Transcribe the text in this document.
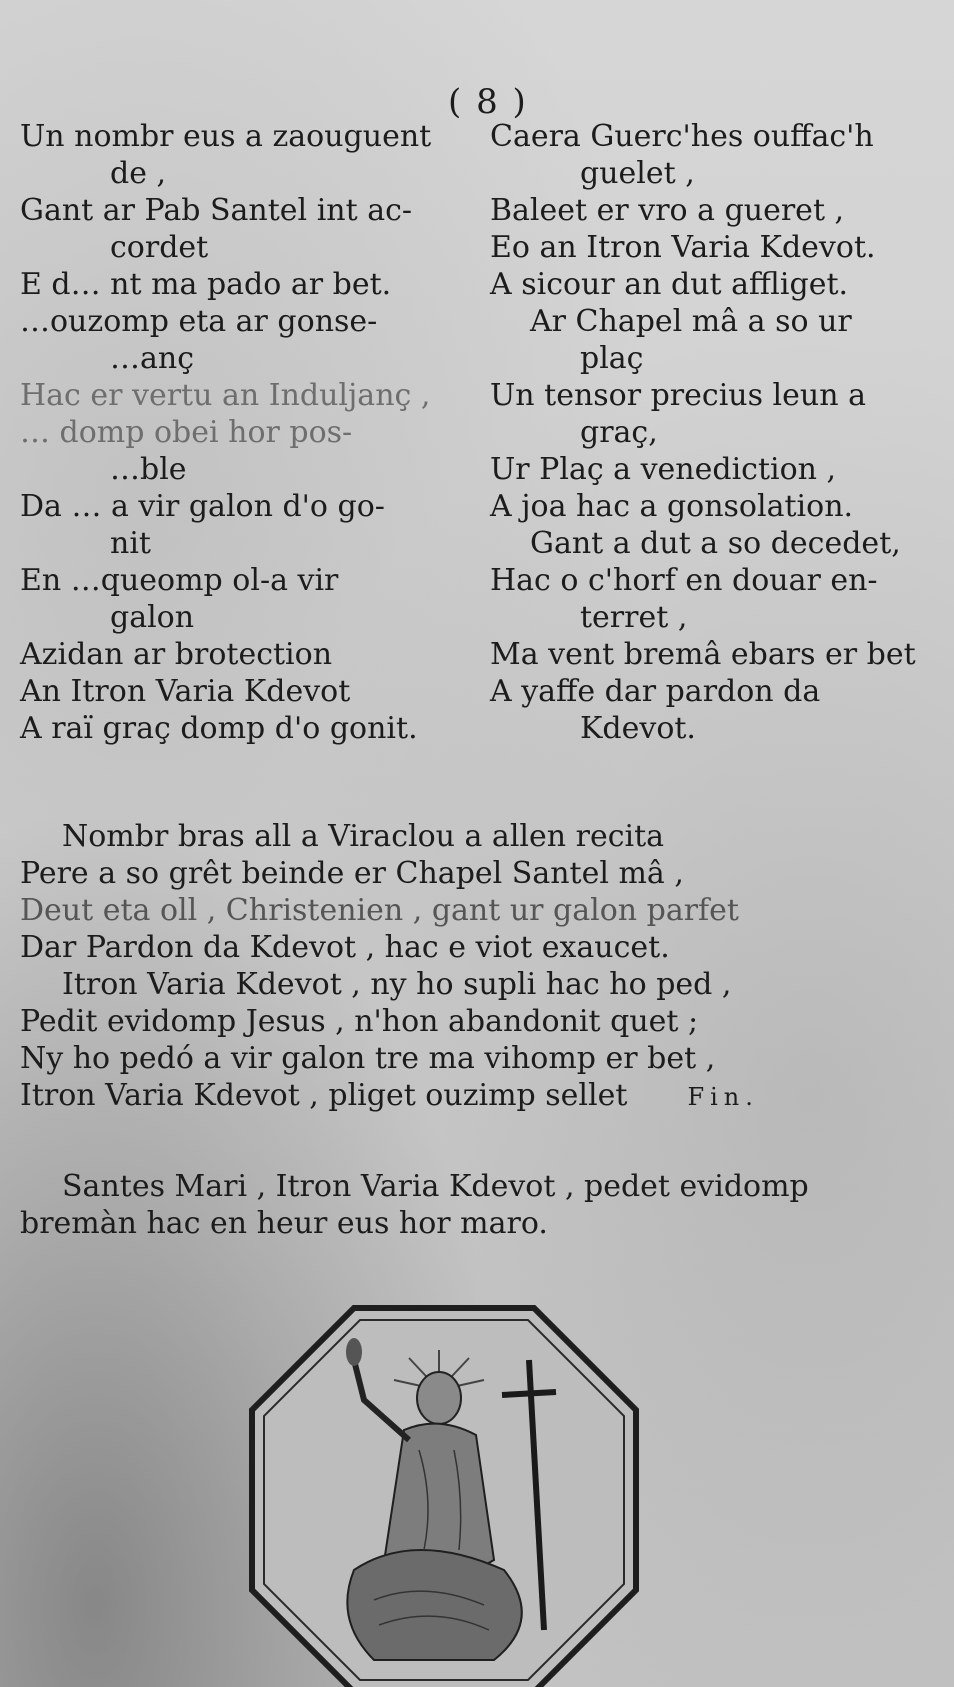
( 8 )
Un nombr eus a zaouguent
de ,
Gant ar Pab Santel int ac-
cordet
E d… nt ma pado ar bet.
…ouzomp eta ar gonse-
…anç
Hac er vertu an Induljanç ,
… domp obei hor pos-
…ble
Da … a vir galon d'o go-
nit
En …queomp ol-a vir
galon
Azidan ar brotection
An Itron Varia Kdevot
A raï graç domp d'o gonit.
Caera Guerc'hes ouffac'h
guelet ,
Baleet er vro a gueret ,
Eo an Itron Varia Kdevot.
A sicour an dut affliget.
Ar Chapel mâ a so ur
plaç
Un tensor precius leun a
graç,
Ur Plaç a venediction ,
A joa hac a gonsolation.
Gant a dut a so decedet,
Hac o c'horf en douar en-
terret ,
Ma vent bremâ ebars er bet
A yaffe dar pardon da
Kdevot.
Nombr bras all a Viraclou a allen recita
Pere a so grêt beinde er Chapel Santel mâ ,
Deut eta oll , Christenien , gant ur galon parfet
Dar Pardon da Kdevot , hac e viot exaucet.
Itron Varia Kdevot , ny ho supli hac ho ped ,
Pedit evidomp Jesus , n'hon abandonit quet ;
Ny ho pedó a vir galon tre ma vihomp er bet ,
Itron Varia Kdevot , pliget ouzimp sellet	Fin.
Santes Mari , Itron Varia Kdevot , pedet evidomp
bremàn hac en heur eus hor maro.
